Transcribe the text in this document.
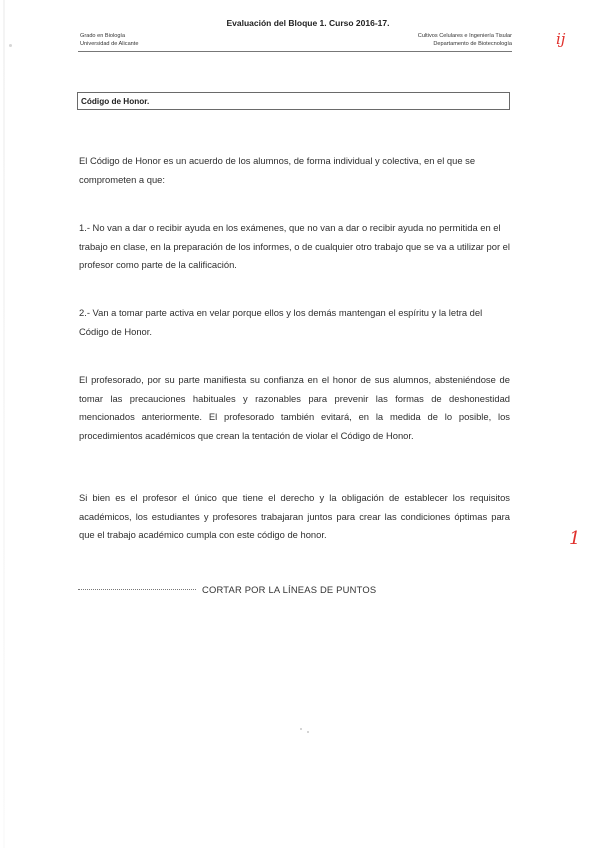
Evaluación del Bloque 1. Curso 2016-17.
Grado en Biología
Universidad de Alicante
Cultivos Celulares e Ingeniería Tisular
Departamento de Biotecnología	ij
Código de Honor.
El Código de Honor es un acuerdo de los alumnos, de forma individual y colectiva, en el que se comprometen a que:
1.- No van a dar o recibir ayuda en los exámenes, que no van a dar o recibir ayuda no permitida en el trabajo en clase, en la preparación de los informes, o de cualquier otro trabajo que se va a utilizar por el profesor como parte de la calificación.
2.- Van a tomar parte activa en velar porque ellos y los demás mantengan el espíritu y la letra del Código de Honor.
El profesorado, por su parte manifiesta su confianza en el honor de sus alumnos, absteniéndose de tomar las precauciones habituales y razonables para prevenir las formas de deshonestidad mencionados anteriormente. El profesorado también evitará, en la medida de lo posible, los procedimientos académicos que crean la tentación de violar el Código de Honor.
Si bien es el profesor el único que tiene el derecho y la obligación de establecer los requisitos académicos, los estudiantes y profesores trabajaran juntos para crear las condiciones óptimas para que el trabajo académico cumpla con este código de honor.	1
CORTAR POR LA LÍNEAS DE PUNTOS
